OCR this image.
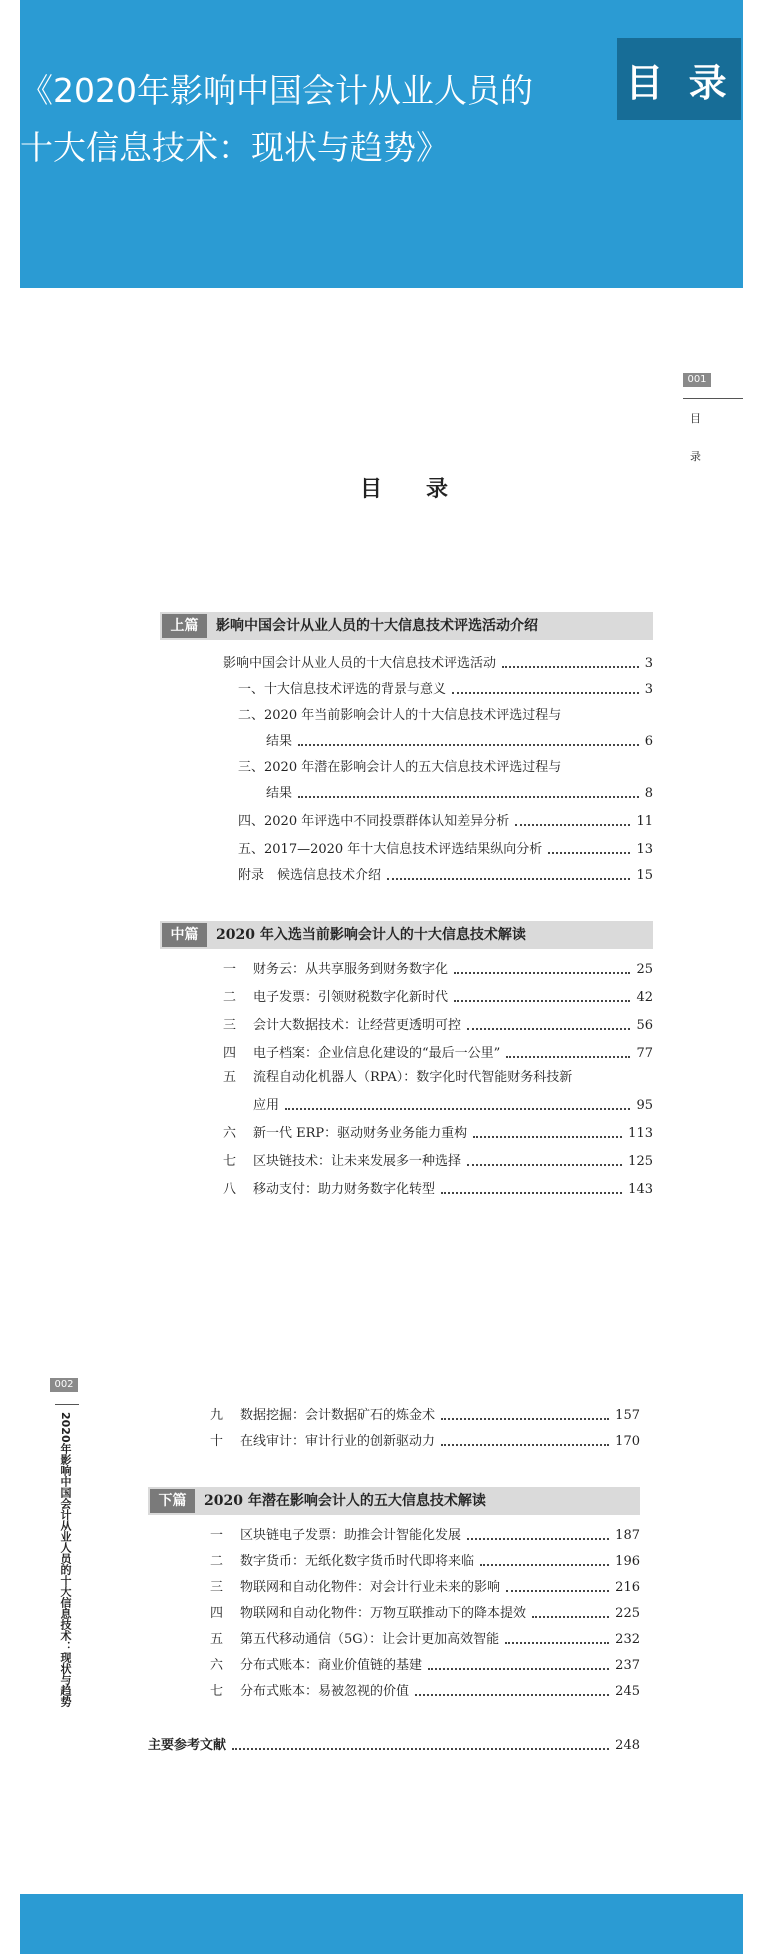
《2020年影响中国会计从业人员的十大信息技术：现状与趋势》
目 录
001
目
录
目录
上篇	影响中国会计从业人员的十大信息技术评选活动介绍
影响中国会计从业人员的十大信息技术评选活动	3
一、十大信息技术评选的背景与意义	3
二、2020 年当前影响会计人的十大信息技术评选过程与
结果	6
三、2020 年潜在影响会计人的五大信息技术评选过程与
结果	8
四、2020 年评选中不同投票群体认知差异分析	11
五、2017—2020 年十大信息技术评选结果纵向分析	13
附录　候选信息技术介绍	15
中篇	2020 年入选当前影响会计人的十大信息技术解读
一	财务云：从共享服务到财务数字化	25
二	电子发票：引领财税数字化新时代	42
三	会计大数据技术：让经营更透明可控	56
四	电子档案：企业信息化建设的“最后一公里”	77
五 流程自动化机器人（RPA）：数字化时代智能财务科技新
应用	95
六	新一代 ERP：驱动财务业务能力重构	113
七	区块链技术：让未来发展多一种选择	125
八	移动支付：助力财务数字化转型	143
002
2020年影响中国会计从业人员的十大信息技术：现状与趋势	九	数据挖掘：会计数据矿石的炼金术	157
十	在线审计：审计行业的创新驱动力	170
下篇	2020 年潜在影响会计人的五大信息技术解读
一	区块链电子发票：助推会计智能化发展	187
二	数字货币：无纸化数字货币时代即将来临	196
三	物联网和自动化物件：对会计行业未来的影响	216
四	物联网和自动化物件：万物互联推动下的降本提效	225
五	第五代移动通信（5G）：让会计更加高效智能	232
六	分布式账本：商业价值链的基建	237
七	分布式账本：易被忽视的价值	245
主要参考文献	248
